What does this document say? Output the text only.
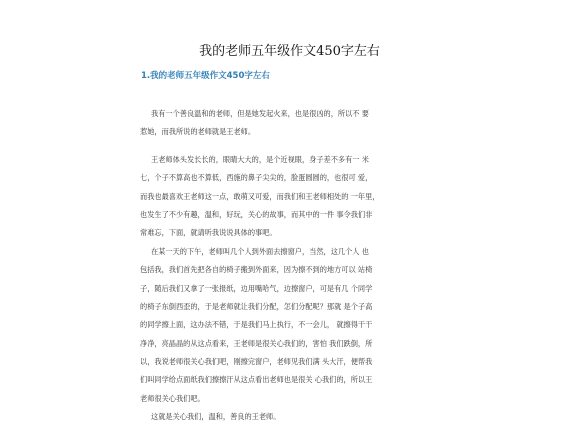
我的老师五年级作文450字左右
1.我的老师五年级作文450字左右
我有一个善良温和的老师，但是她发起火来，也是很凶的，所以不 要
惹她，而我所说的老师就是王老师。
王老师体头发长长的，眼睛大大的，是个近视眼，身子差不多有一 米
七，个子不算高也不算低，西施的鼻子尖尖的，脸蛋圆圆的，也很可 爱，
而我也最喜欢王老师这一点，敢萌又可爱，而我们和王老师相处的 一年里，
也发生了不少有趣，温和，好玩，关心的故事，而其中的一件 事令我们非
常难忘，下面，就请听我说说具体的事吧。
在某一天的下午，老师叫几个人到外面去擦窗户，当然，这几个人 也
包括我，我们首先把各自的椅子搬到外面来，因为擦不到的地方可以 站椅
子，随后我们又拿了一张报纸，边用嘴哈气，边擦窗户，可是有几 个同学
的椅子东倒西歪的，于是老师就让我们分配，怎们分配呢？那就 是个子高
的同学擦上面，这办法不错，于是我们马上执行，不一会儿， 就擦得干干
净净，亮晶晶的从这点看来，王老师是很关心我们的，害怕 我们跌倒，所
以，我说老师很关心我们吧，刚擦完窗户，老师见我们满 头大汗，便帮我
们叫同学给点面纸我们擦擦汗从这点看出老师也是很关 心我们的，所以王
老师很关心我们吧。
这就是关心我们，温和，善良的王老师。
